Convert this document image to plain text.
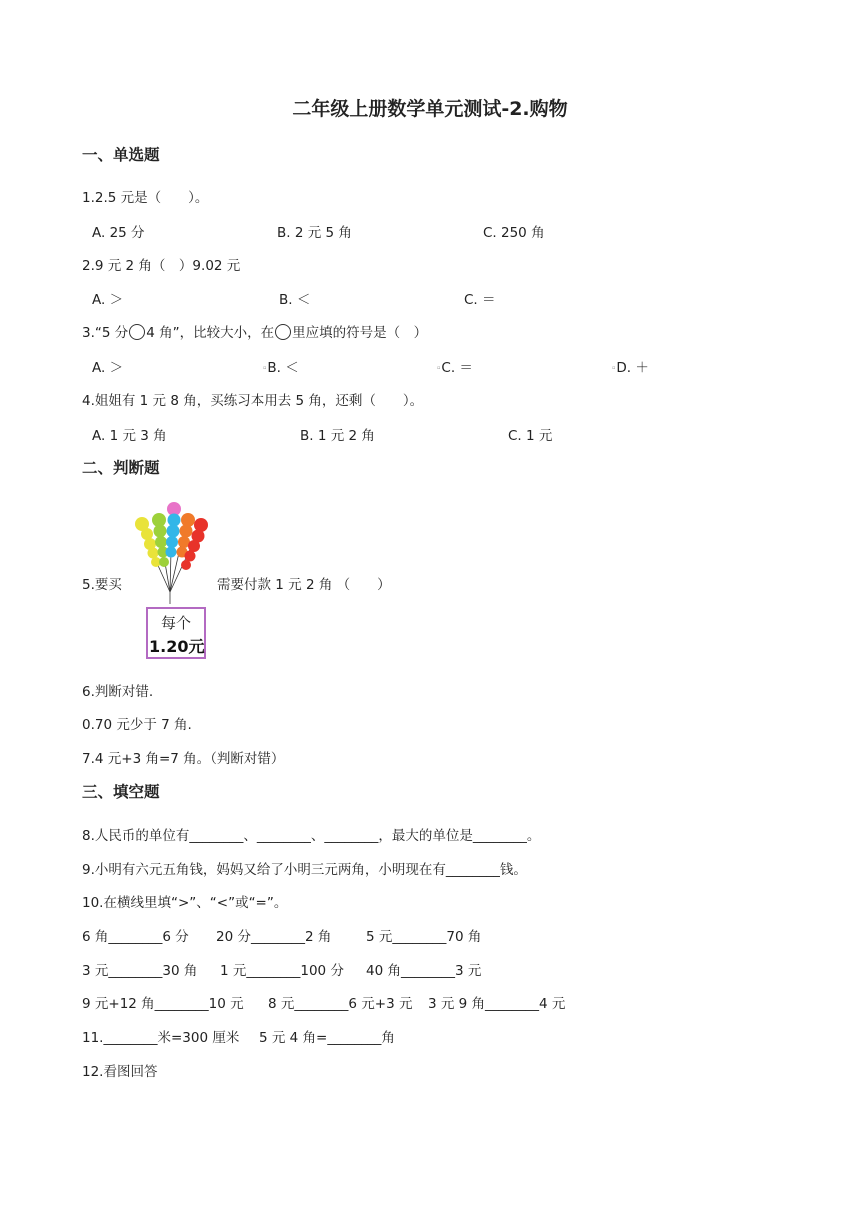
二年级上册数学单元测试-2.购物
一、单选题
1.2.5 元是（　　）。
A. 25 分	B. 2 元 5 角	C. 250 角
2.9 元 2 角（　）9.02 元
A. ＞	B. ＜	C. ＝
3.“5 分 4 角”，比较大小，在 里应填的符号是（　）
A. ＞	▫B. ＜	▫C. ＝	▫D. ＋
4.姐姐有 1 元 8 角，买练习本用去 5 角，还剩（　　）。
A. 1 元 3 角	B. 1 元 2 角	C. 1 元
二、判断题
5.要买
每个
1.20元
需要付款 1 元 2 角 （　　）
6.判断对错.
0.70 元少于 7 角.
7.4 元+3 角=7 角。（判断对错）
三、填空题
8.人民币的单位有________、________、________，最大的单位是________。
9.小明有六元五角钱，妈妈又给了小明三元两角，小明现在有________钱。
10.在横线里填“>”、“<”或“=”。
6 角________6 分 20 分________2 角	5 元________70 角
3 元________30 角 1 元________100 分 40 角________3 元
9 元+12 角________10 元 8 元________6 元+3 元 3 元 9 角________4 元
11.________米=300 厘米 5 元 4 角=________角
12.看图回答
